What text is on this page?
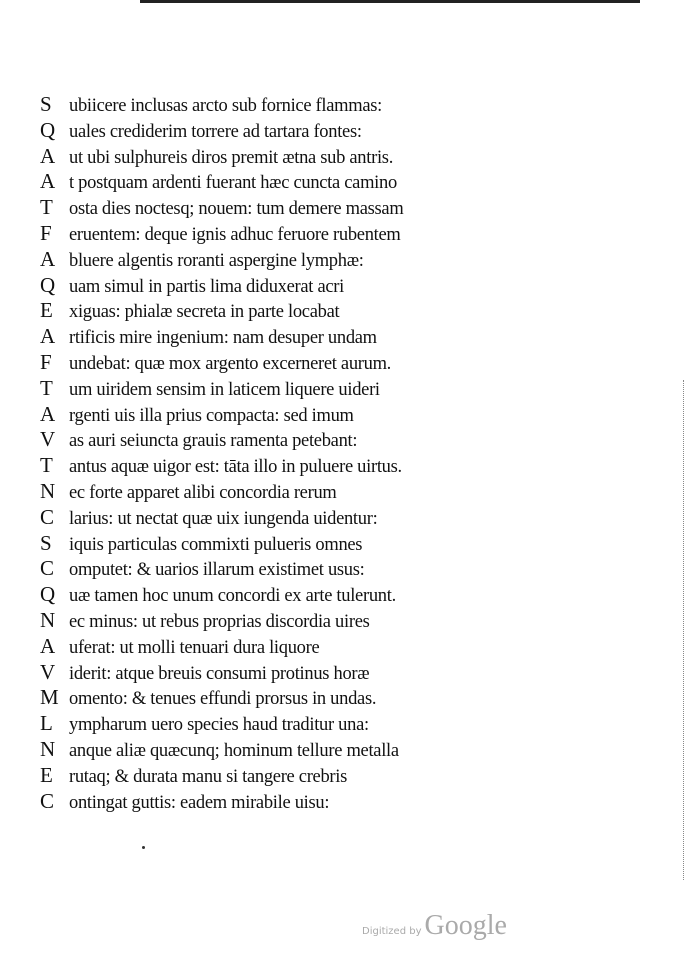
S ubiicere inclusas arcto sub fornice flammas:
Q uales crediderim torrere ad tartara fontes:
A ut ubi sulphureis diros premit ætna sub antris.
A t postquam ardenti fuerant hæc cuncta camino
T osta dies noctesq; nouem: tum demere massam
F eruentem: deque ignis adhuc feruore rubentem
A bluere algentis roranti aspergine lymphæ:
Q uam simul in partis lima diduxerat acri
E xiguas: phialæ secreta in parte locabat
A rtificis mire ingenium: nam desuper undam
F undebat: quæ mox argento excerneret aurum.
T um uiridem sensim in laticem liquere uideri
A rgenti uis illa prius compacta: sed imum
V as auri seiuncta grauis ramenta petebant:
T antus aquæ uigor est: tāta illo in puluere uirtus.
N ec forte apparet alibi concordia rerum
C larius: ut nectat quæ uix iungenda uidentur:
S iquis particulas commixti pulueris omnes
C omputet: & uarios illarum existimet usus:
Q uæ tamen hoc unum concordi ex arte tulerunt.
N ec minus: ut rebus proprias discordia uires
A uferat: ut molli tenuari dura liquore
V iderit: atque breuis consumi protinus horæ
M omento: & tenues effundi prorsus in undas.
L ympharum uero species haud traditur una:
N anque aliæ quæcunq; hominum tellure metalla
E rutaq; & durata manu si tangere crebris
C ontingat guttis: eadem mirabile uisu:
Digitized by Google
